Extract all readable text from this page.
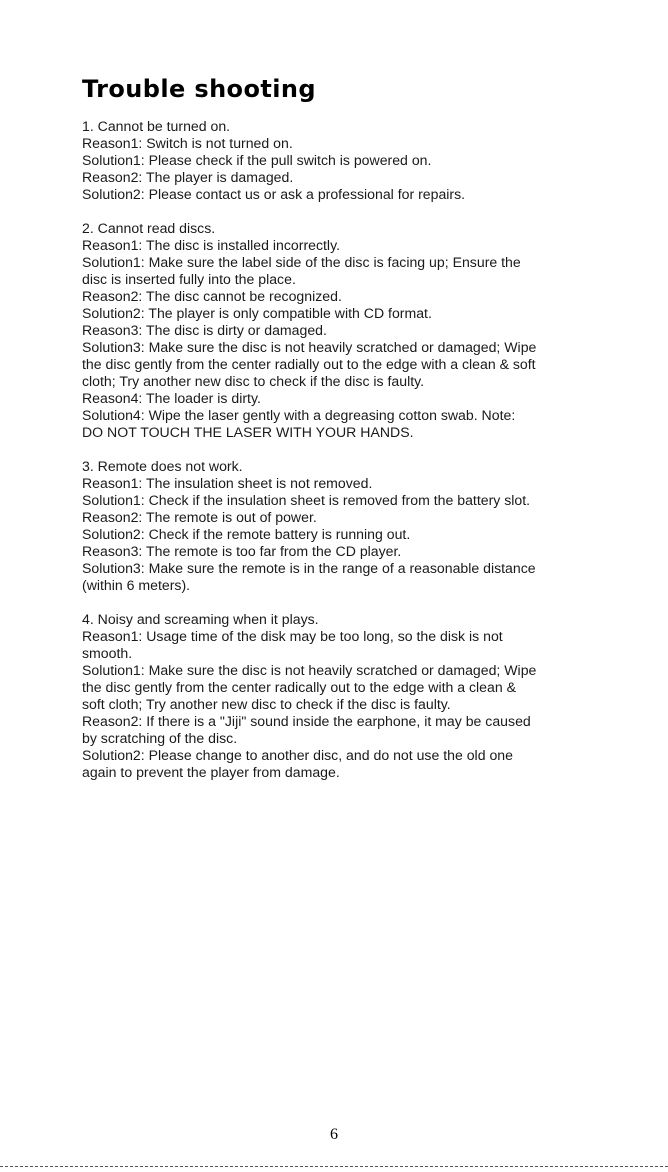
Trouble shooting

1. Cannot be turned on.

Reason1: Switch is not turned on.

Solution1: Please check if the pull switch is powered on.

Reason2: The player is damaged.

Solution2: Please contact us or ask a professional for repairs.

2. Cannot read discs.

Reason1: The disc is installed incorrectly.

Solution1: Make sure the label side of the disc is facing up; Ensure the

disc is inserted fully into the place.

Reason2: The disc cannot be recognized.

Solution2: The player is only compatible with CD format.

Reason3: The disc is dirty or damaged.

Solution3: Make sure the disc is not heavily scratched or damaged; Wipe

the disc gently from the center radially out to the edge with a clean & soft

cloth; Try another new disc to check if the disc is faulty.

Reason4: The loader is dirty.

Solution4: Wipe the laser gently with a degreasing cotton swab. Note:

DO NOT TOUCH THE LASER WITH YOUR HANDS.

3. Remote does not work.

Reason1: The insulation sheet is not removed.

Solution1: Check if the insulation sheet is removed from the battery slot.

Reason2: The remote is out of power.

Solution2: Check if the remote battery is running out.

Reason3: The remote is too far from the CD player.

Solution3: Make sure the remote is in the range of a reasonable distance

(within 6 meters).

4. Noisy and screaming when it plays.

Reason1: Usage time of the disk may be too long, so the disk is not

smooth.

Solution1: Make sure the disc is not heavily scratched or damaged; Wipe

the disc gently from the center radically out to the edge with a clean &

soft cloth; Try another new disc to check if the disc is faulty.

Reason2: If there is a "Jiji" sound inside the earphone, it may be caused

by scratching of the disc.

Solution2: Please change to another disc, and do not use the old one

again to prevent the player from damage.

6
